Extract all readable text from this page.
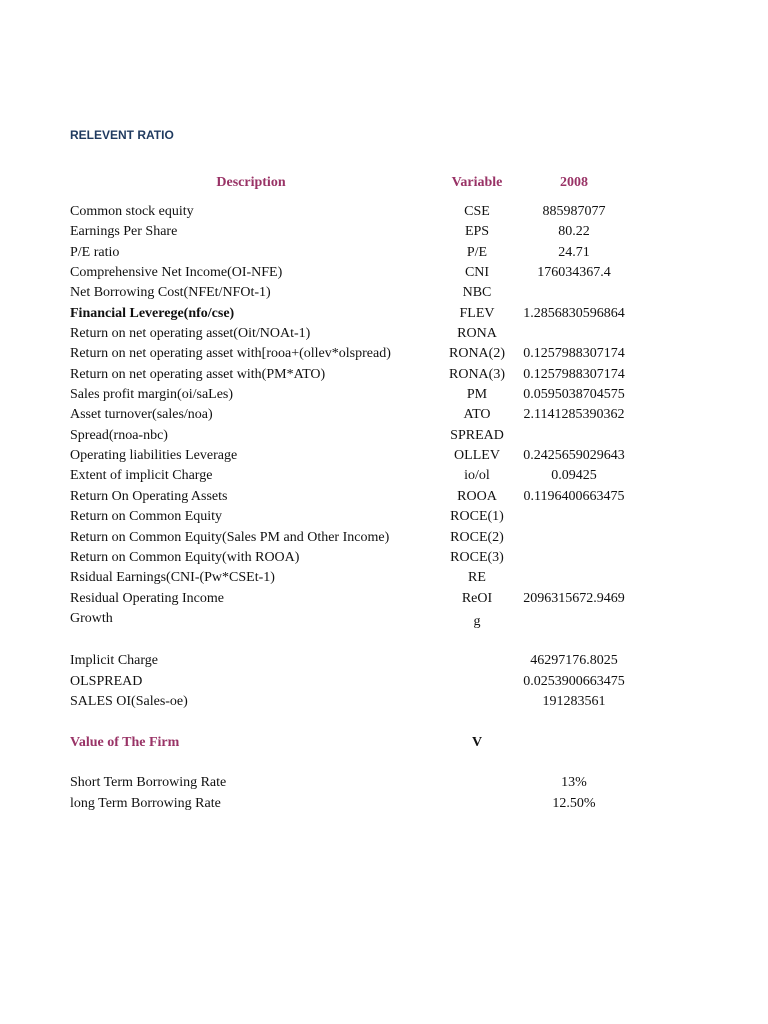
RELEVENT RATIO
Description	Variable	2008
Common stock equity	CSE	885987077
Earnings Per Share	EPS	80.22
P/E ratio	P/E	24.71
Comprehensive Net Income(OI-NFE)	CNI	176034367.4
Net Borrowing Cost(NFEt/NFOt-1)	NBC
Financial Leverege(nfo/cse)	FLEV	1.2856830596864
Return on net operating asset(Oit/NOAt-1)	RONA
Return on net operating asset with[rooa+(ollev*olspread)	RONA(2)	0.1257988307174
Return on net operating asset with(PM*ATO)	RONA(3)	0.1257988307174
Sales profit margin(oi/saLes)	PM	0.0595038704575
Asset turnover(sales/noa)	ATO	2.1141285390362
Spread(rnoa-nbc)	SPREAD
Operating liabilities Leverage	OLLEV	0.2425659029643
Extent of implicit Charge	io/ol	0.09425
Return On Operating Assets	ROOA	0.1196400663475
Return on Common Equity	ROCE(1)
Return on Common Equity(Sales PM and Other Income)	ROCE(2)
Return on Common Equity(with ROOA)	ROCE(3)
Rsidual Earnings(CNI-(Pw*CSEt-1)	RE
Residual Operating Income	ReOI	2096315672.9469
Growth	g
Implicit Charge	46297176.8025
OLSPREAD	0.0253900663475
SALES OI(Sales-oe)	191283561
Value of The Firm	V
Short Term Borrowing Rate	13%
long Term Borrowing Rate	12.50%
